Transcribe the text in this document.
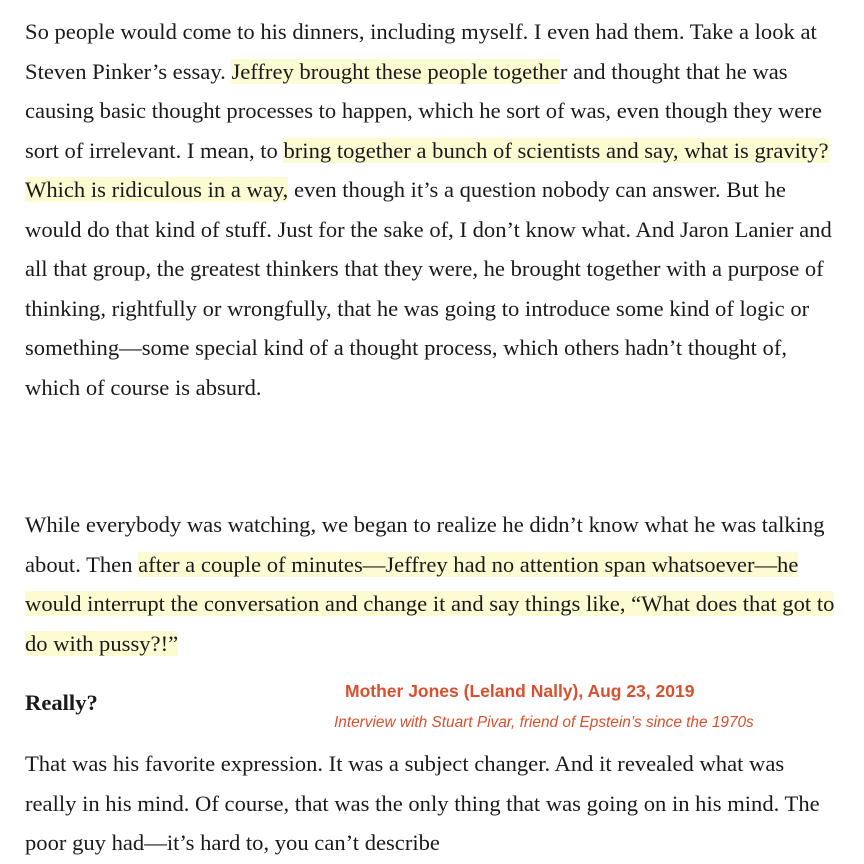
So people would come to his dinners, including myself. I even had them. Take a look at Steven Pinker’s essay. Jeffrey brought these people together and thought that he was causing basic thought processes to happen, which he sort of was, even though they were sort of irrelevant. I mean, to bring together a bunch of scientists and say, what is gravity? Which is ridiculous in a way, even though it’s a question nobody can answer. But he would do that kind of stuff. Just for the sake of, I don’t know what. And Jaron Lanier and all that group, the greatest thinkers that they were, he brought together with a purpose of thinking, rightfully or wrongfully, that he was going to introduce some kind of logic or something—some special kind of a thought process, which others hadn’t thought of, which of course is absurd.

While everybody was watching, we began to realize he didn’t know what he was talking about. Then after a couple of minutes—Jeffrey had no attention span whatsoever—he would interrupt the conversation and change it and say things like, “What does that got to do with pussy?!”

Really?	Mother Jones (Leland Nally), Aug 23, 2019
Interview with Stuart Pivar, friend of Epstein’s since the 1970s

That was his favorite expression. It was a subject changer. And it revealed what was really in his mind. Of course, that was the only thing that was going on in his mind. The poor guy had—it’s hard to, you can’t describe
